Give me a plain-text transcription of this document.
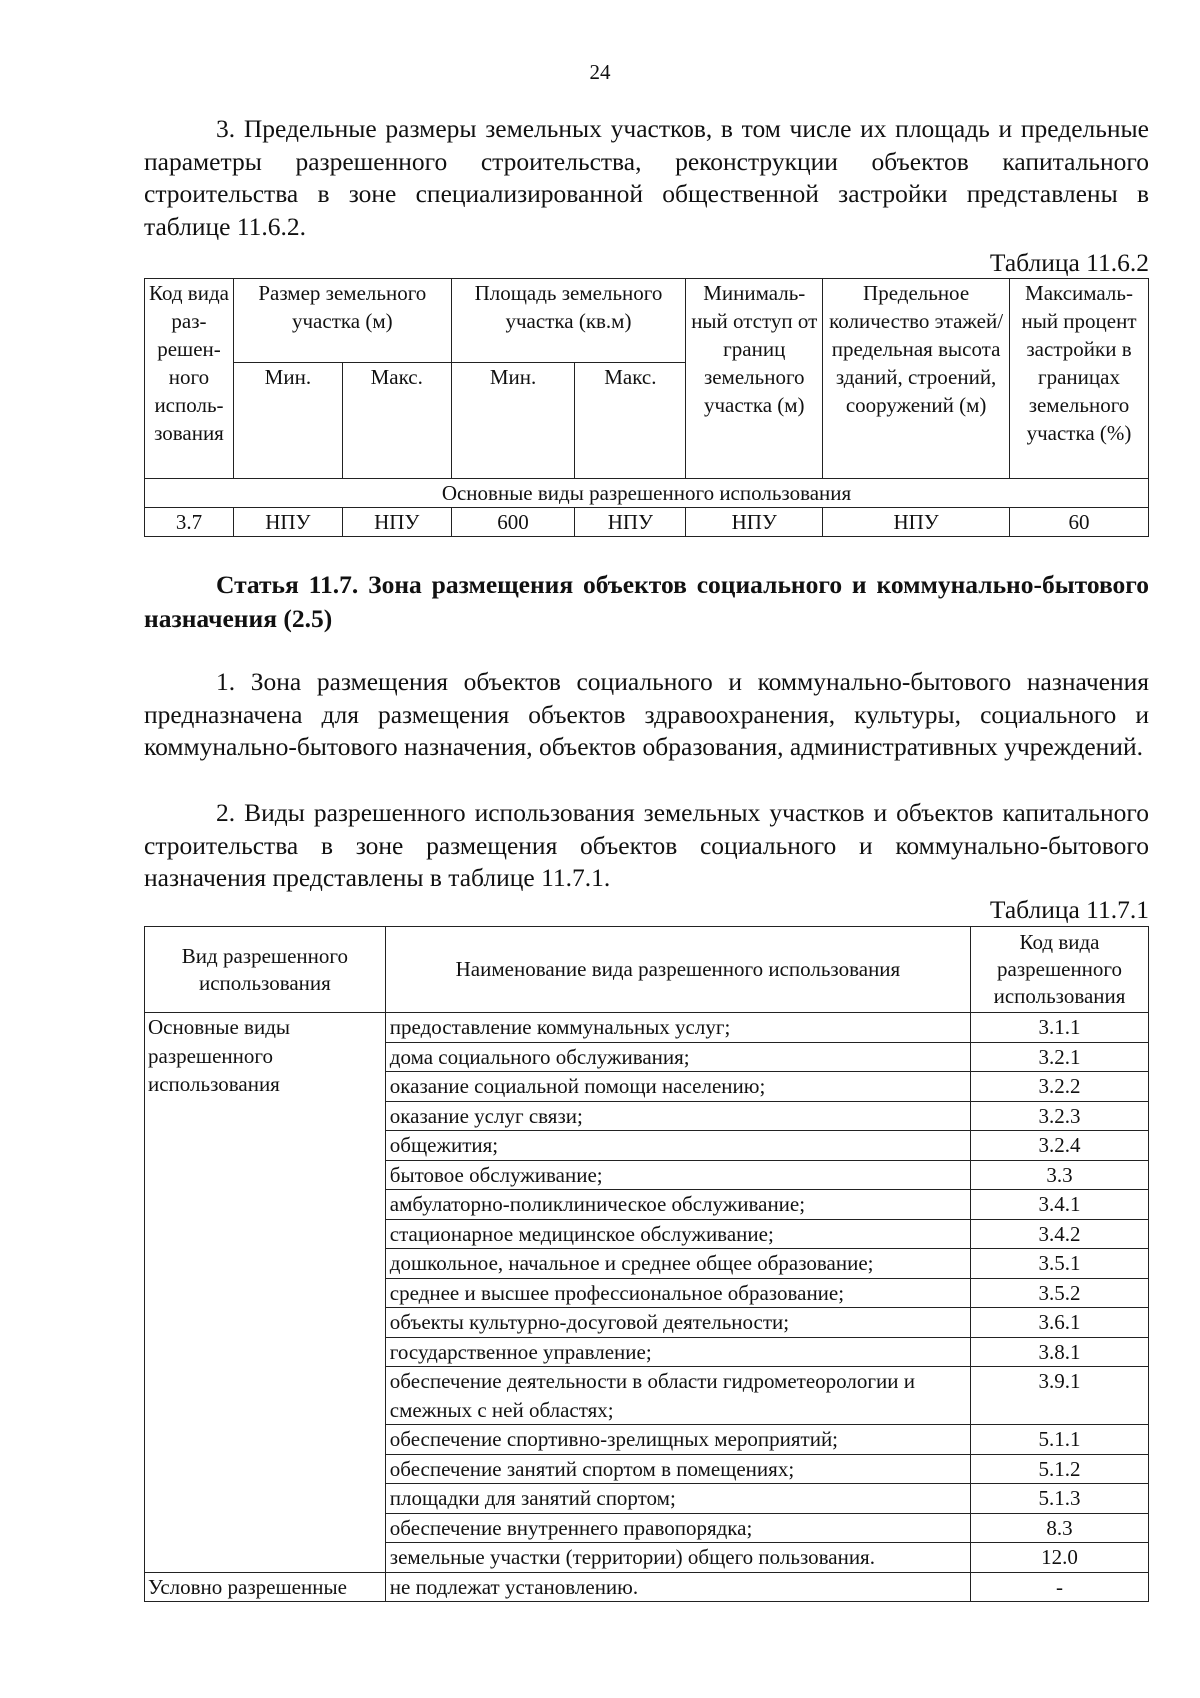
24

3. Предельные размеры земельных участков, в том числе их площадь и предельные параметры разрешенного строительства, реконструкции объектов капитального строительства в зоне специализированной общественной застройки представлены в таблице 11.6.2.

Таблица 11.6.2
Код вида раз-решен-ного исполь-зования	Размер земельного участка (м)		Площадь земельного участка (кв.м)		Минималь-ный отступ от границ земельного участка (м)	Предельное количество этажей/ предельная высота зданий, строений, сооружений (м)	Максималь-ный процент застройки в границах земельного участка (%)
	Мин.	Макс.	Мин.	Макс.			
Основные виды разрешенного использования							
3.7	НПУ	НПУ	600	НПУ	НПУ	НПУ	60

Статья 11.7. Зона размещения объектов социального и коммунально-бытового назначения (2.5)

1. Зона размещения объектов социального и коммунально-бытового назначения предназначена для размещения объектов здравоохранения, культуры, социального и коммунально-бытового назначения, объектов образования, административных учреждений.

2. Виды разрешенного использования земельных участков и объектов капитального строительства в зоне размещения объектов социального и коммунально-бытового назначения представлены в таблице 11.7.1.

Таблица 11.7.1
Вид разрешенного использования	Наименование вида разрешенного использования	Код вида разрешенного использования
Основные виды разрешенного использования	предоставление коммунальных услуг;	3.1.1
	дома социального обслуживания;	3.2.1
	оказание социальной помощи населению;	3.2.2
	оказание услуг связи;	3.2.3
	общежития;	3.2.4
	бытовое обслуживание;	3.3
	амбулаторно-поликлиническое обслуживание;	3.4.1
	стационарное медицинское обслуживание;	3.4.2
	дошкольное, начальное и среднее общее образование;	3.5.1
	среднее и высшее профессиональное образование;	3.5.2
	объекты культурно-досуговой деятельности;	3.6.1
	государственное управление;	3.8.1
	обеспечение деятельности в области гидрометеорологии и смежных с ней областях;	3.9.1
	обеспечение спортивно-зрелищных мероприятий;	5.1.1
	обеспечение занятий спортом в помещениях;	5.1.2
	площадки для занятий спортом;	5.1.3
	обеспечение внутреннего правопорядка;	8.3
	земельные участки (территории) общего пользования.	12.0
Условно разрешенные	не подлежат установлению.	-
